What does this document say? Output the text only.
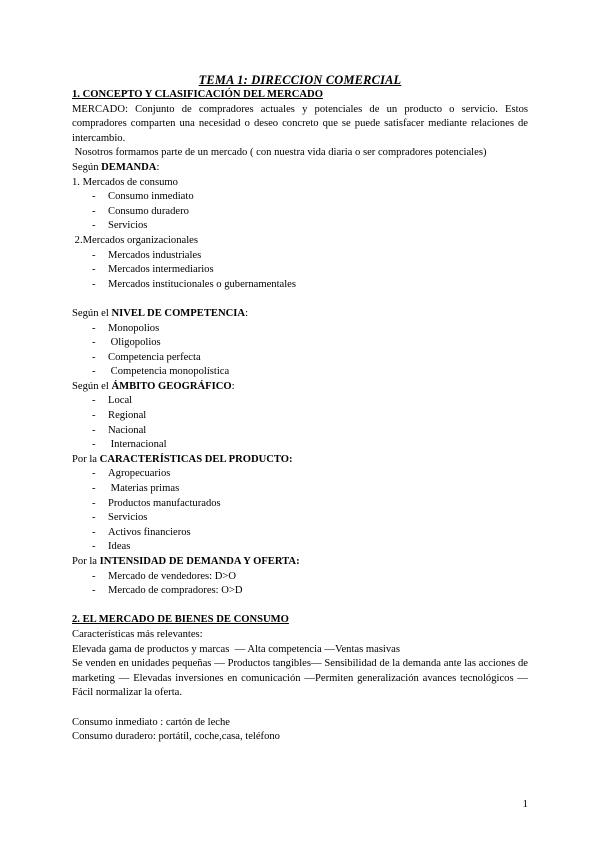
TEMA 1: DIRECCION COMERCIAL
1. CONCEPTO Y CLASIFICACIÓN DEL MERCADO
MERCADO: Conjunto de compradores actuales y potenciales de un producto o servicio. Estos compradores comparten una necesidad o deseo concreto que se puede satisfacer mediante relaciones de intercambio.
Nosotros formamos parte de un mercado ( con nuestra vida diaria o ser compradores potenciales)
Según DEMANDA:
1. Mercados de consumo
- Consumo inmediato
- Consumo duradero
- Servicios
2.Mercados organizacionales
- Mercados industriales
- Mercados intermediarios
- Mercados institucionales o gubernamentales
Según el NIVEL DE COMPETENCIA:
- Monopolios
-  Oligopolios
- Competencia perfecta
-  Competencia monopolística
Según el ÁMBITO GEOGRÁFICO:
- Local
- Regional
- Nacional
-  Internacional
Por la CARACTERÍSTICAS DEL PRODUCTO:
- Agropecuarios
-  Materias primas
- Productos manufacturados
- Servicios
- Activos financieros
- Ideas
Por la INTENSIDAD DE DEMANDA Y OFERTA:
- Mercado de vendedores: D>O
- Mercado de compradores: O>D
2. EL MERCADO DE BIENES DE CONSUMO
Características más relevantes:
Elevada gama de productos y marcas  — Alta competencia —Ventas masivas
Se venden en unidades pequeñas — Productos tangibles— Sensibilidad de la demanda ante las acciones de marketing — Elevadas inversiones en comunicación —Permiten generalización avances tecnológicos — Fácil normalizar la oferta.
Consumo inmediato : cartón de leche
Consumo duradero: portátil, coche,casa, teléfono
1
